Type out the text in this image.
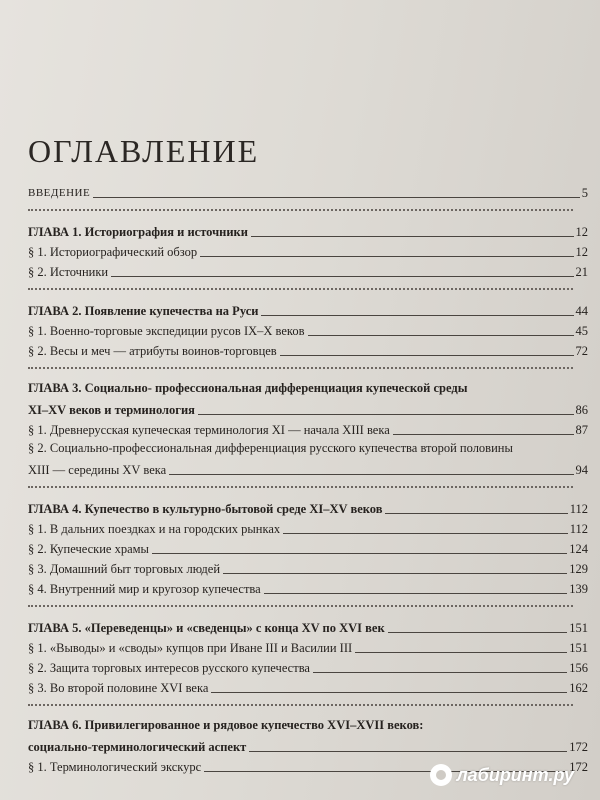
ОГЛАВЛЕНИЕ
ВВЕДЕНИЕ	5
ГЛАВА 1. Историография и источники	12
§ 1. Историографический обзор	12
§ 2. Источники	21
ГЛАВА 2. Появление купечества на Руси	44
§ 1. Военно-торговые экспедиции русов IX–X веков	45
§ 2. Весы и меч — атрибуты воинов-торговцев	72
ГЛАВА 3. Социально- профессиональная дифференциация купеческой среды
XI–XV веков и терминология	86
§ 1. Древнерусская купеческая терминология XI — начала XIII века	87
§ 2. Социально-профессиональная дифференциация русского купечества второй половины
XIII — середины XV века	94
ГЛАВА 4. Купечество в культурно-бытовой среде XI–XV веков	112
§ 1. В дальних поездках и на городских рынках	112
§ 2. Купеческие храмы	124
§ 3. Домашний быт торговых людей	129
§ 4. Внутренний мир и кругозор купечества	139
ГЛАВА 5. «Переведенцы» и «сведенцы» с конца XV по XVI век	151
§ 1. «Выводы» и «своды» купцов при Иване III и Василии III	151
§ 2. Защита торговых интересов русского купечества	156
§ 3. Во второй половине XVI века	162
ГЛАВА 6. Привилегированное и рядовое купечество XVI–XVII веков:
социально-терминологический аспект	172
§ 1. Терминологический экскурс	172
лабиринт.ру
